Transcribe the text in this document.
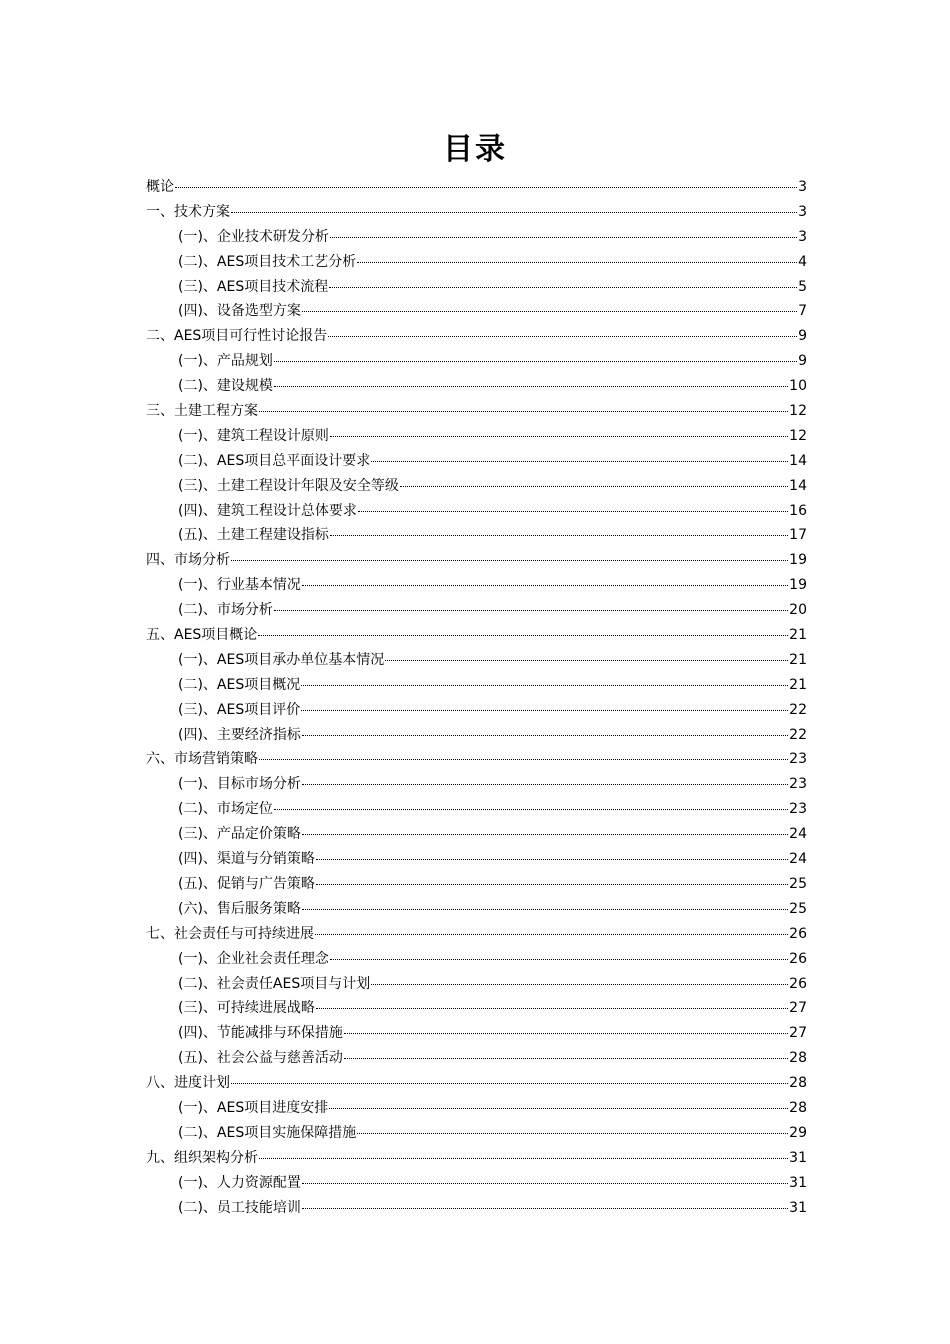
目录
概论	3
一、技术方案	3
(一)、企业技术研发分析	3
(二)、AES项目技术工艺分析	4
(三)、AES项目技术流程	5
(四)、设备选型方案	7
二、AES项目可行性讨论报告	9
(一)、产品规划	9
(二)、建设规模	10
三、土建工程方案	12
(一)、建筑工程设计原则	12
(二)、AES项目总平面设计要求	14
(三)、土建工程设计年限及安全等级	14
(四)、建筑工程设计总体要求	16
(五)、土建工程建设指标	17
四、市场分析	19
(一)、行业基本情况	19
(二)、市场分析	20
五、AES项目概论	21
(一)、AES项目承办单位基本情况	21
(二)、AES项目概况	21
(三)、AES项目评价	22
(四)、主要经济指标	22
六、市场营销策略	23
(一)、目标市场分析	23
(二)、市场定位	23
(三)、产品定价策略	24
(四)、渠道与分销策略	24
(五)、促销与广告策略	25
(六)、售后服务策略	25
七、社会责任与可持续进展	26
(一)、企业社会责任理念	26
(二)、社会责任AES项目与计划	26
(三)、可持续进展战略	27
(四)、节能减排与环保措施	27
(五)、社会公益与慈善活动	28
八、进度计划	28
(一)、AES项目进度安排	28
(二)、AES项目实施保障措施	29
九、组织架构分析	31
(一)、人力资源配置	31
(二)、员工技能培训	31
